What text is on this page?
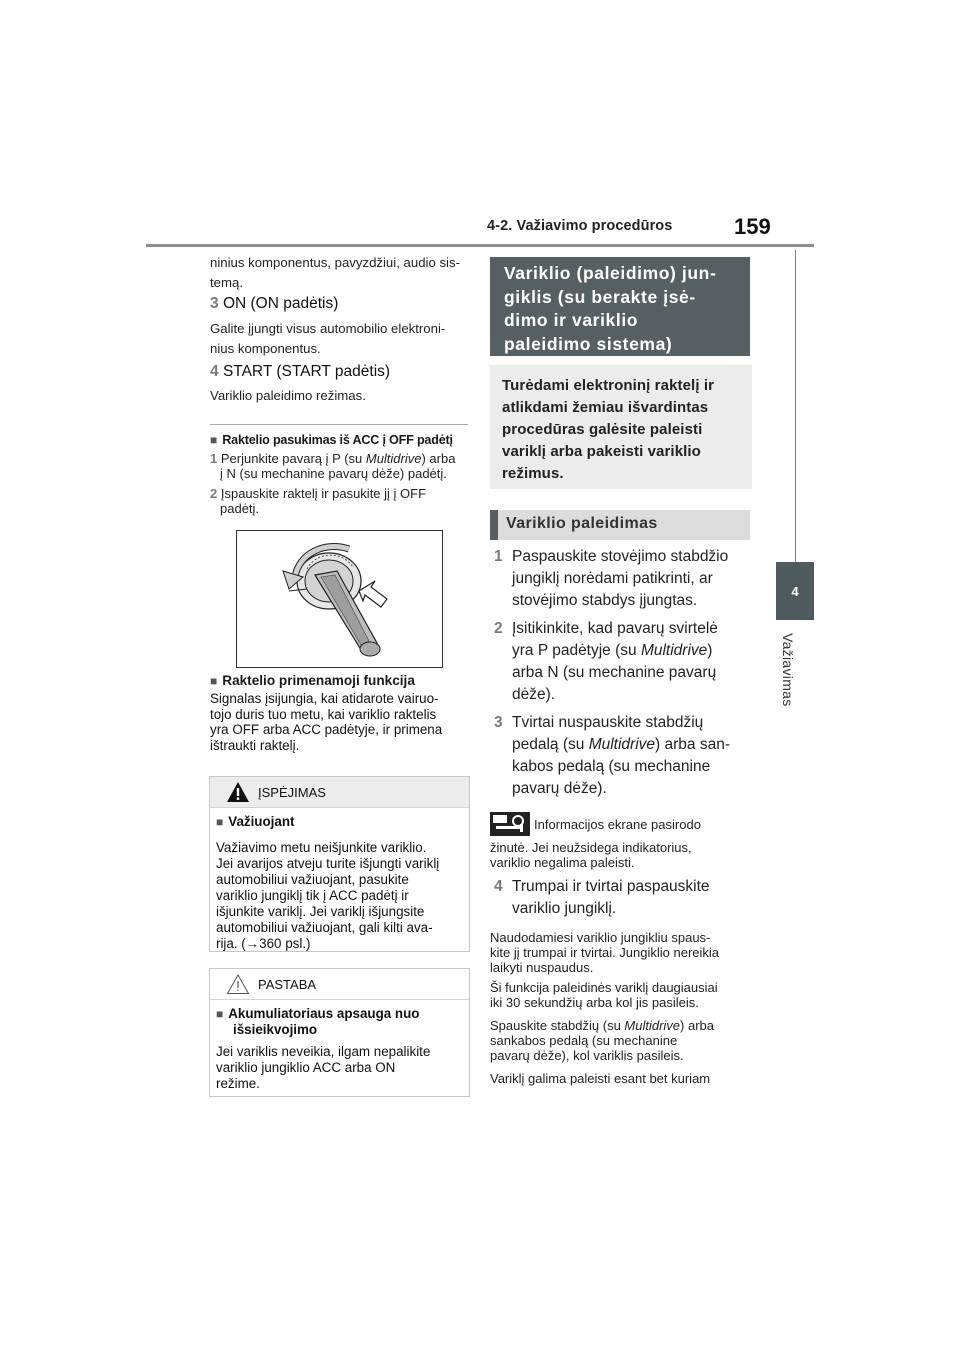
4-2. Važiavimo procedūros	159
4
Važiavimas
ninius komponentus, pavyzdžiui, audio sis-
temą.
3 ON (ON padėtis)
Galite įjungti visus automobilio elektroni-
nius komponentus.
4 START (START padėtis)
Variklio paleidimo režimas.
■ Raktelio pasukimas iš ACC į OFF padėtį
1 Perjunkite pavarą į P (su Multidrive) arba
į N (su mechanine pavarų dėže) padėtį.
2 Įspauskite raktelį ir pasukite jį į OFF
padėtį.
■ Raktelio primenamoji funkcija
Signalas įsijungia, kai atidarote vairuo-
tojo duris tuo metu, kai variklio raktelis
yra OFF arba ACC padėtyje, ir primena
ištraukti raktelį.
ĮSPĖJIMAS
■ Važiuojant
Važiavimo metu neišjunkite variklio.
Jei avarijos atveju turite išjungti variklį
automobiliui važiuojant, pasukite
variklio jungiklį tik į ACC padėtį ir
išjunkite variklį. Jei variklį išjungsite
automobiliui važiuojant, gali kilti ava-
rija. (→360 psl.)
PASTABA
■ Akumuliatoriaus apsauga nuo
išsieikvojimo
Jei variklis neveikia, ilgam nepalikite
variklio jungiklio ACC arba ON
režime.
Variklio (paleidimo) jun-
giklis (su berakte įsė-
dimo ir variklio
paleidimo sistema)
Turėdami elektroninį raktelį ir
atlikdami žemiau išvardintas
procedūras galėsite paleisti
variklį arba pakeisti variklio
režimus.
Variklio paleidimas
1 Paspauskite stovėjimo stabdžio
jungiklį norėdami patikrinti, ar
stovėjimo stabdys įjungtas.
2 Įsitikinkite, kad pavarų svirtelė
yra P padėtyje (su Multidrive)
arba N (su mechanine pavarų
dėže).
3 Tvirtai nuspauskite stabdžių
pedalą (su Multidrive) arba san-
kabos pedalą (su mechanine
pavarų dėže).
Informacijos ekrane pasirodo
žinutė. Jei neužsidega indikatorius,
variklio negalima paleisti.
4 Trumpai ir tvirtai paspauskite
variklio jungiklį.
Naudodamiesi variklio jungikliu spaus-
kite jį trumpai ir tvirtai. Jungiklio nereikia
laikyti nuspaudus.
Ši funkcija paleidinės variklį daugiausiai
iki 30 sekundžių arba kol jis pasileis.
Spauskite stabdžių (su Multidrive) arba
sankabos pedalą (su mechanine
pavarų dėže), kol variklis pasileis.
Variklį galima paleisti esant bet kuriam
